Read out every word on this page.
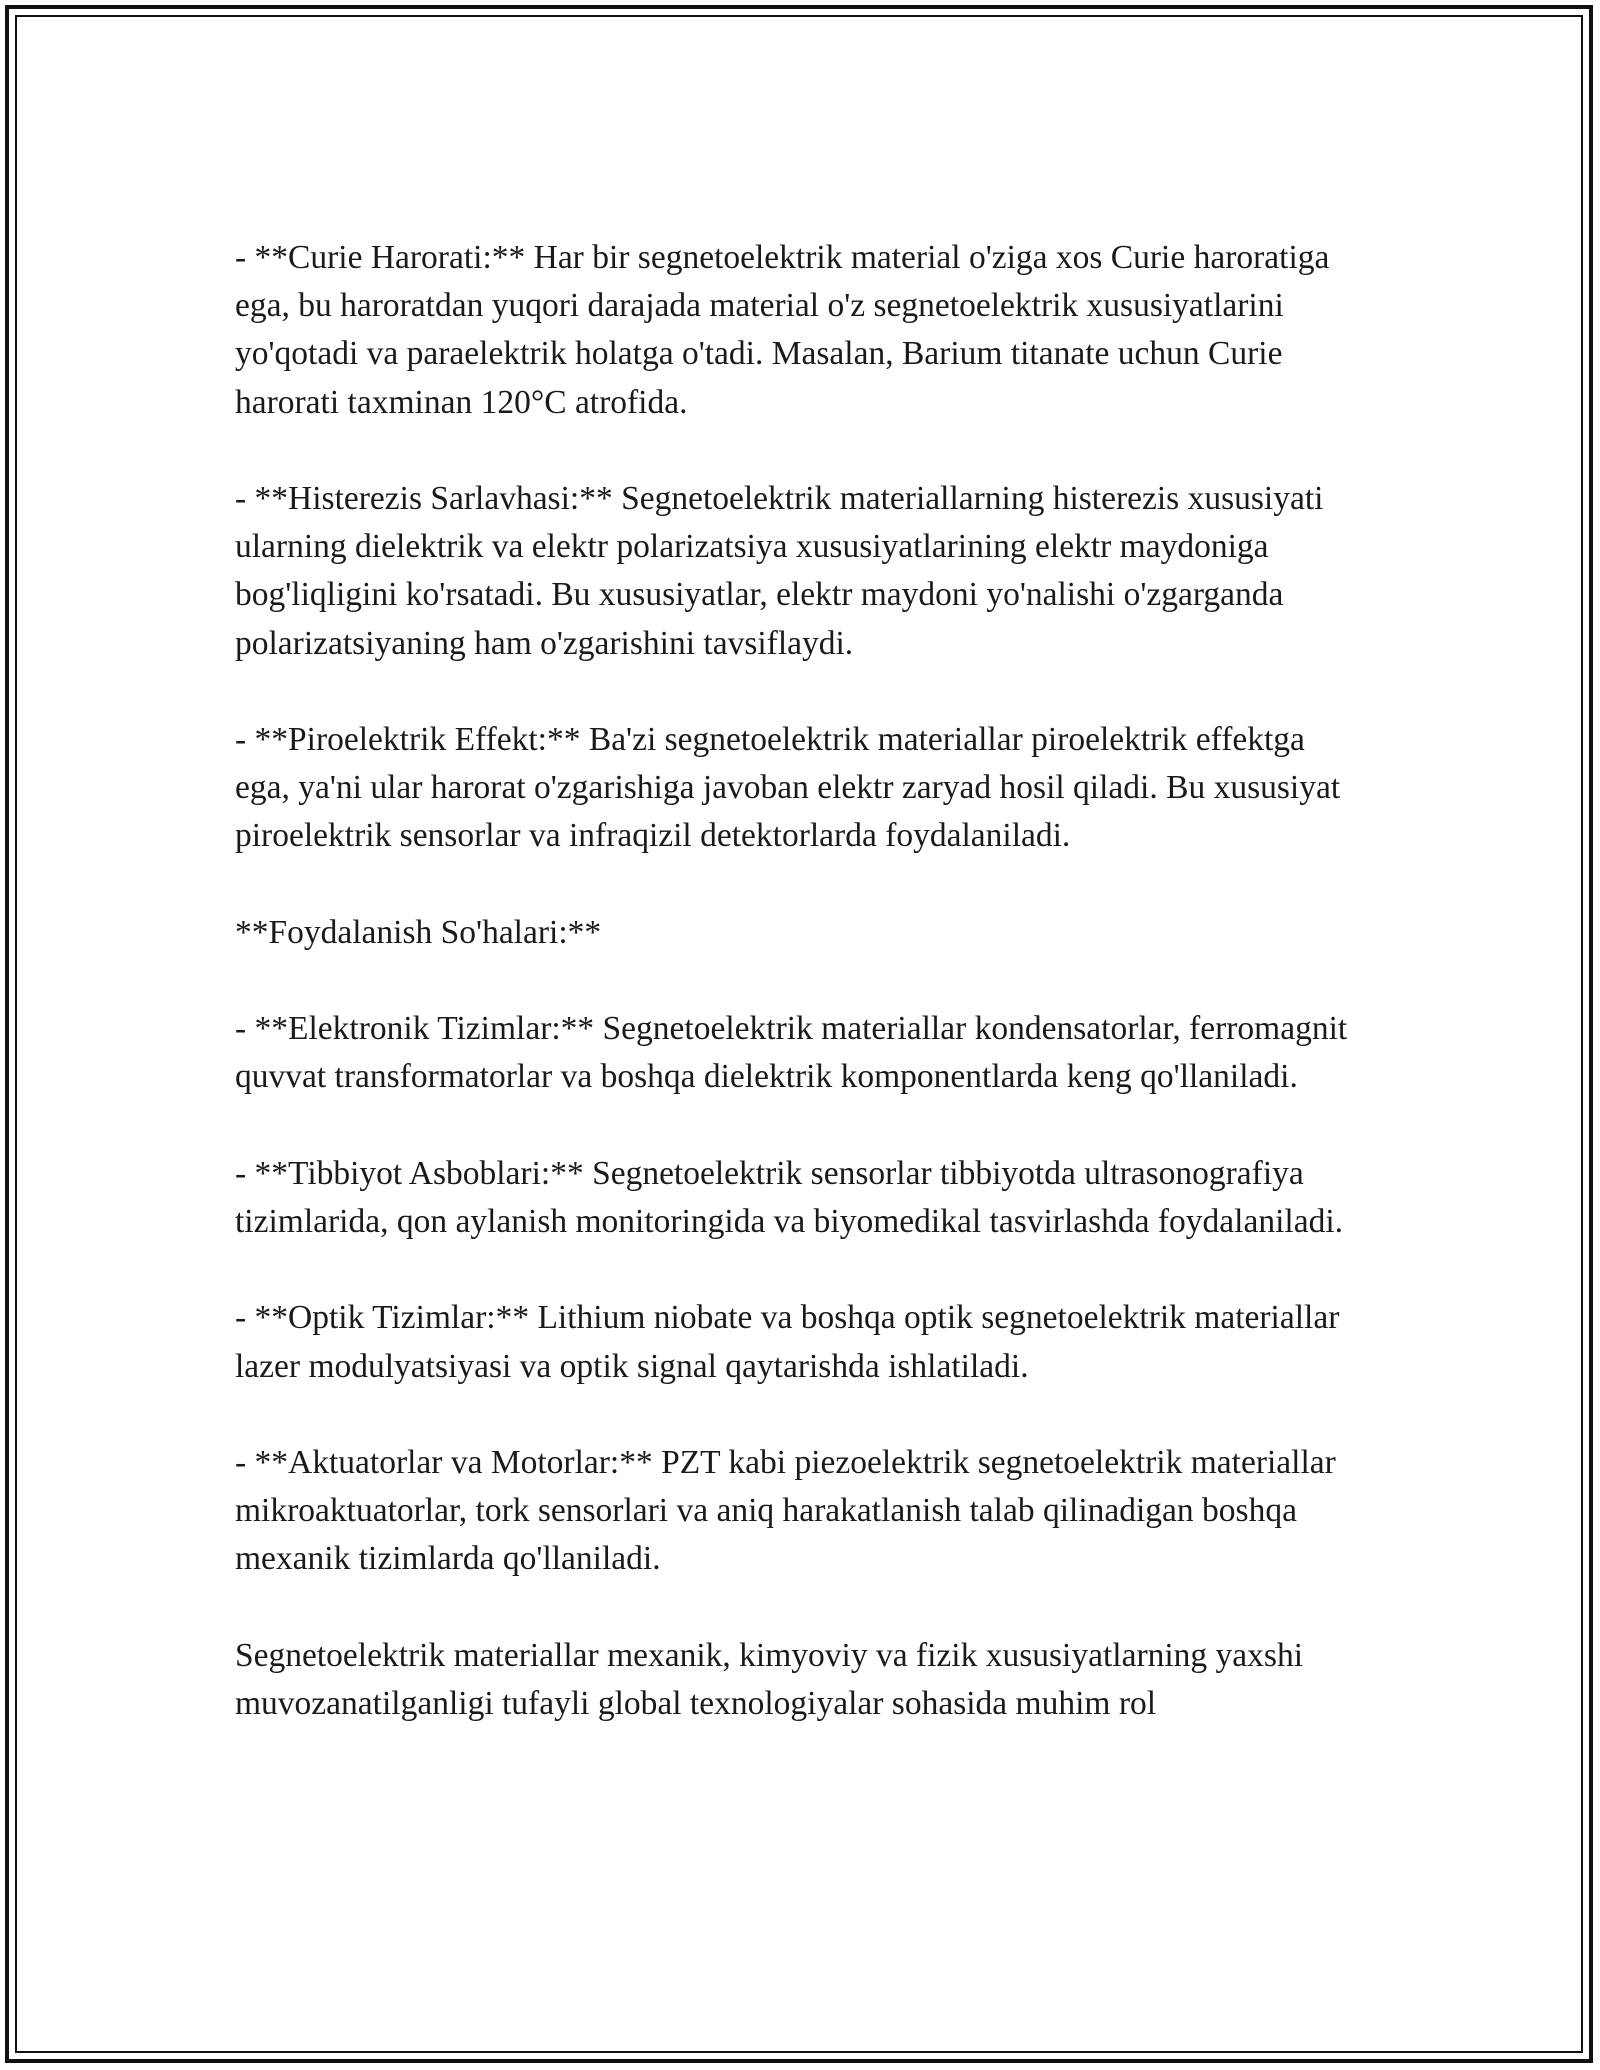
- **Curie Harorati:** Har bir segnetoelektrik material o'ziga xos Curie haroratiga ega, bu haroratdan yuqori darajada material o'z segnetoelektrik xususiyatlarini yo'qotadi va paraelektrik holatga o'tadi. Masalan, Barium titanate uchun Curie harorati taxminan 120°C atrofida.

- **Histerezis Sarlavhasi:** Segnetoelektrik materiallarning histerezis xususiyati ularning dielektrik va elektr polarizatsiya xususiyatlarining elektr maydoniga bog'liqligini ko'rsatadi. Bu xususiyatlar, elektr maydoni yo'nalishi o'zgarganda polarizatsiyaning ham o'zgarishini tavsiflaydi.

- **Piroelektrik Effekt:** Ba'zi segnetoelektrik materiallar piroelektrik effektga ega, ya'ni ular harorat o'zgarishiga javoban elektr zaryad hosil qiladi. Bu xususiyat piroelektrik sensorlar va infraqizil detektorlarda foydalaniladi.

**Foydalanish So'halari:**

- **Elektronik Tizimlar:** Segnetoelektrik materiallar kondensatorlar, ferromagnit quvvat transformatorlar va boshqa dielektrik komponentlarda keng qo'llaniladi.

- **Tibbiyot Asboblari:** Segnetoelektrik sensorlar tibbiyotda ultrasonografiya tizimlarida, qon aylanish monitoringida va biyomedikal tasvirlashda foydalaniladi.

- **Optik Tizimlar:** Lithium niobate va boshqa optik segnetoelektrik materiallar lazer modulyatsiyasi va optik signal qaytarishda ishlatiladi.

- **Aktuatorlar va Motorlar:** PZT kabi piezoelektrik segnetoelektrik materiallar mikroaktuatorlar, tork sensorlari va aniq harakatlanish talab qilinadigan boshqa mexanik tizimlarda qo'llaniladi.

Segnetoelektrik materiallar mexanik, kimyoviy va fizik xususiyatlarning yaxshi muvozanatilganligi tufayli global texnologiyalar sohasida muhim rol
